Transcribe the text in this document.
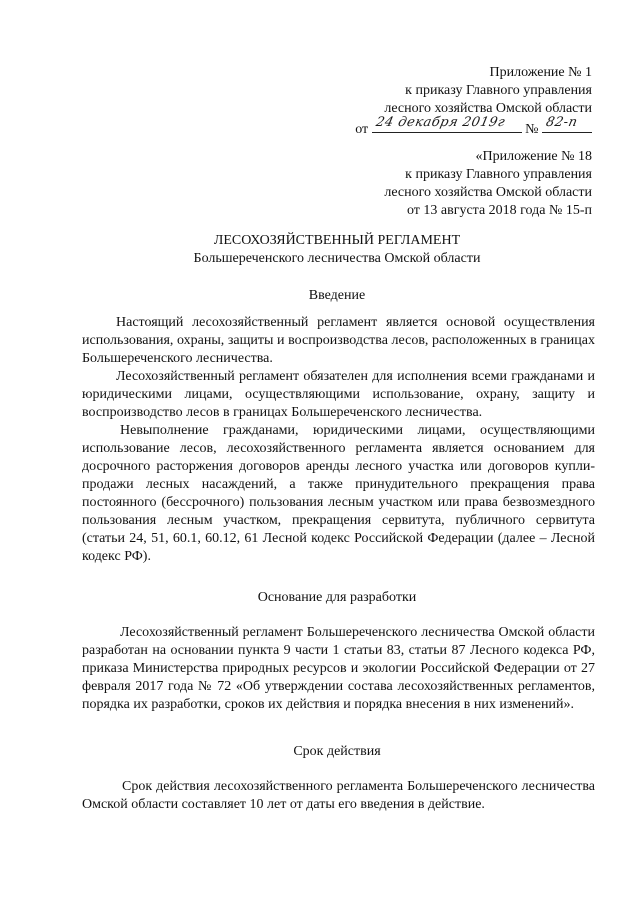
Приложение № 1
к приказу Главного управления
лесного хозяйства Омской области
от 24 декабря 2019г № 82-п
«Приложение № 18
к приказу Главного управления
лесного хозяйства Омской области
от 13 августа 2018 года № 15-п
ЛЕСОХОЗЯЙСТВЕННЫЙ РЕГЛАМЕНТ
Большереченского лесничества Омской области
Введение

Настоящий лесохозяйственный регламент является основой осуществления использования, охраны, защиты и воспроизводства лесов, расположенных в границах Большереченского лесничества.

Лесохозяйственный регламент обязателен для исполнения всеми гражданами и юридическими лицами, осуществляющими использование, охрану, защиту и воспроизводство лесов в границах Большереченского лесничества.

Невыполнение гражданами, юридическими лицами, осуществляющими использование лесов, лесохозяйственного регламента является основанием для досрочного расторжения договоров аренды лесного участка или договоров купли-продажи лесных насаждений, а также принудительного прекращения права постоянного (бессрочного) пользования лесным участком или права безвозмездного пользования лесным участком, прекращения сервитута, публичного сервитута (статьи 24, 51, 60.1, 60.12, 61 Лесной кодекс Российской Федерации (далее – Лесной кодекс РФ).

Основание для разработки

Лесохозяйственный регламент Большереченского лесничества Омской области разработан на основании пункта 9 части 1 статьи 83, статьи 87 Лесного кодекса РФ, приказа Министерства природных ресурсов и экологии Российской Федерации от 27 февраля 2017 года № 72 «Об утверждении состава лесохозяйственных регламентов, порядка их разработки, сроков их действия и порядка внесения в них изменений».

Срок действия

Срок действия лесохозяйственного регламента Большереченского лесничества Омской области составляет 10 лет от даты его введения в действие.
